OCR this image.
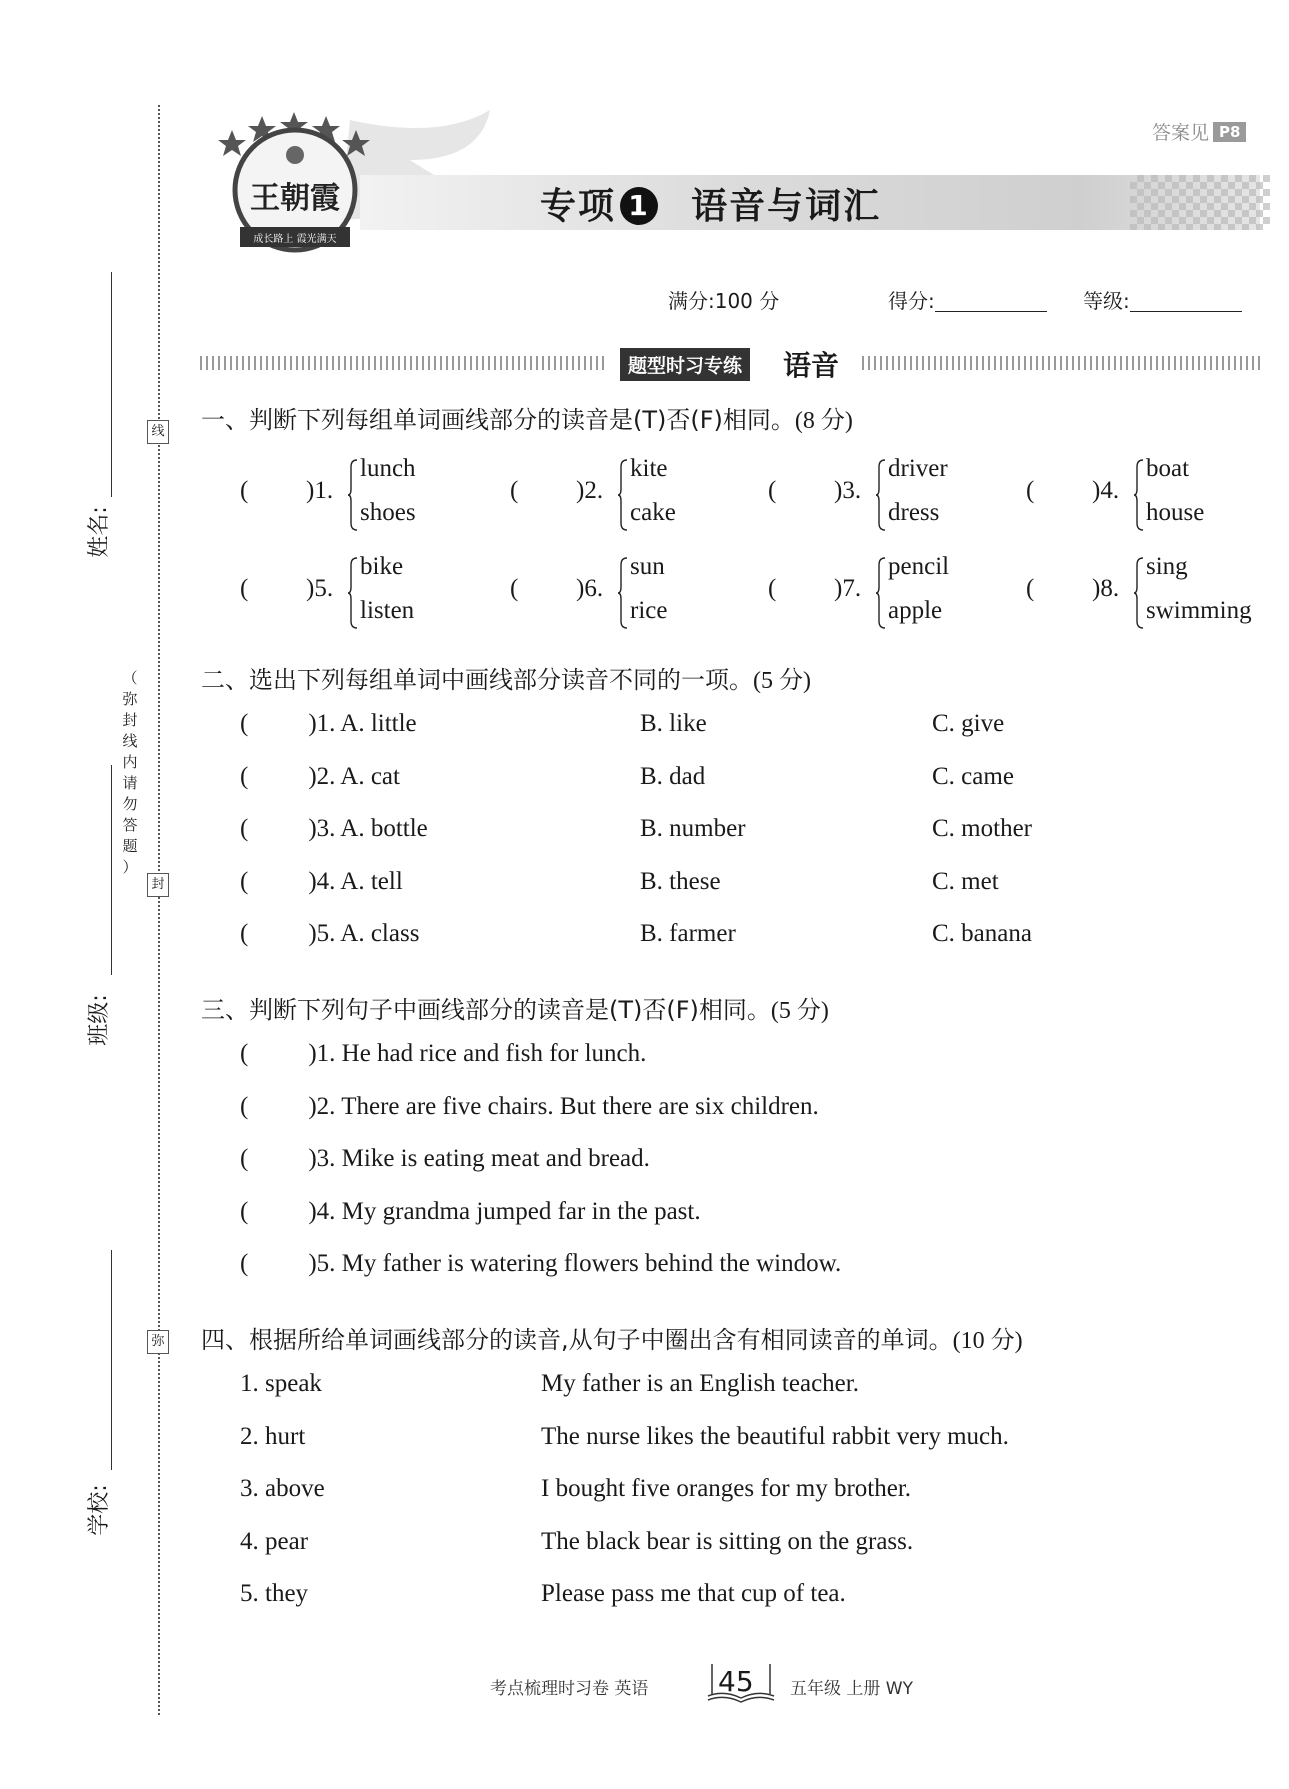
线
封
弥
姓名:
班级:
学校:
（
弥
封
线
内
请
勿
答
题
）

王朝霞
成长路上 霞光满天
专项 1 语音与词汇
答案见 P8
满分:100 分	得分:	等级:
题型时习专练 语音
一、判断下列每组单词画线部分的读音是(T)否(F)相同。(8 分)
( )1.
lunch
shoes
( )2.
kite
cake
( )3.
driver
dress
( )4.
boat
house
( )5.
bike
listen
( )6.
sun
rice
( )7.
pencil
apple
( )8.
sing
swimming
二、选出下列每组单词中画线部分读音不同的一项。(5 分)
( )1. A. little	B. like	C. give
( )2. A. cat	B. dad	C. came
( )3. A. bottle	B. number	C. mother
( )4. A. tell	B. these	C. met
( )5. A. class	B. farmer	C. banana
三、判断下列句子中画线部分的读音是(T)否(F)相同。(5 分)
( )1. He had rice and fish for lunch.
( )2. There are five chairs. But there are six children.
( )3. Mike is eating meat and bread.
( )4. My grandma jumped far in the past.
( )5. My father is watering flowers behind the window.
四、根据所给单词画线部分的读音,从句子中圈出含有相同读音的单词。(10 分)
1. speak	My father is an English teacher.
2. hurt	The nurse likes the beautiful rabbit very much.
3. above	I bought five oranges for my brother.
4. pear	The black bear is sitting on the grass.
5. they	Please pass me that cup of tea.
考点梳理时习卷 英语 45 五年级 上册 WY
